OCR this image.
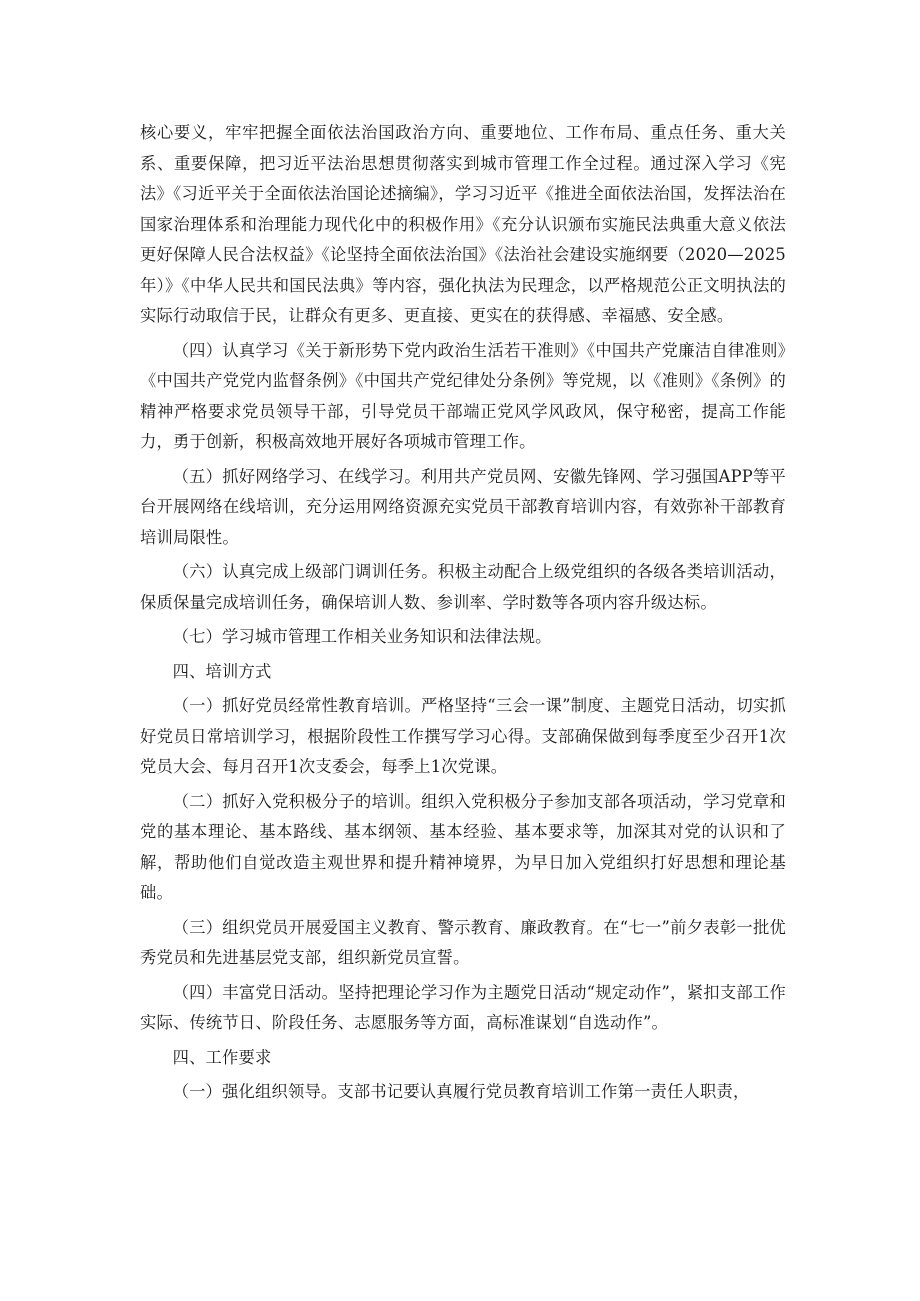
核心要义，牢牢把握全面依法治国政治方向、重要地位、工作布局、重点任务、重大关系、重要保障，把习近平法治思想贯彻落实到城市管理工作全过程。通过深入学习《宪法》《习近平关于全面依法治国论述摘编》，学习习近平《推进全面依法治国，发挥法治在国家治理体系和治理能力现代化中的积极作用》《充分认识颁布实施民法典重大意义依法更好保障人民合法权益》《论坚持全面依法治国》《法治社会建设实施纲要（2020—2025年）》《中华人民共和国民法典》等内容，强化执法为民理念，以严格规范公正文明执法的实际行动取信于民，让群众有更多、更直接、更实在的获得感、幸福感、安全感。

（四）认真学习《关于新形势下党内政治生活若干准则》《中国共产党廉洁自律准则》《中国共产党党内监督条例》《中国共产党纪律处分条例》等党规，以《准则》《条例》的精神严格要求党员领导干部，引导党员干部端正党风学风政风，保守秘密，提高工作能力，勇于创新，积极高效地开展好各项城市管理工作。

（五）抓好网络学习、在线学习。利用共产党员网、安徽先锋网、学习强国APP等平台开展网络在线培训，充分运用网络资源充实党员干部教育培训内容，有效弥补干部教育培训局限性。

（六）认真完成上级部门调训任务。积极主动配合上级党组织的各级各类培训活动，保质保量完成培训任务，确保培训人数、参训率、学时数等各项内容升级达标。

（七）学习城市管理工作相关业务知识和法律法规。

四、培训方式

（一）抓好党员经常性教育培训。严格坚持“三会一课”制度、主题党日活动，切实抓好党员日常培训学习，根据阶段性工作撰写学习心得。支部确保做到每季度至少召开1次党员大会、每月召开1次支委会，每季上1次党课。

（二）抓好入党积极分子的培训。组织入党积极分子参加支部各项活动，学习党章和党的基本理论、基本路线、基本纲领、基本经验、基本要求等，加深其对党的认识和了解，帮助他们自觉改造主观世界和提升精神境界，为早日加入党组织打好思想和理论基础。

（三）组织党员开展爱国主义教育、警示教育、廉政教育。在“七一”前夕表彰一批优秀党员和先进基层党支部，组织新党员宣誓。

（四）丰富党日活动。坚持把理论学习作为主题党日活动“规定动作”，紧扣支部工作实际、传统节日、阶段任务、志愿服务等方面，高标准谋划“自选动作”。

四、工作要求

（一）强化组织领导。支部书记要认真履行党员教育培训工作第一责任人职责，
